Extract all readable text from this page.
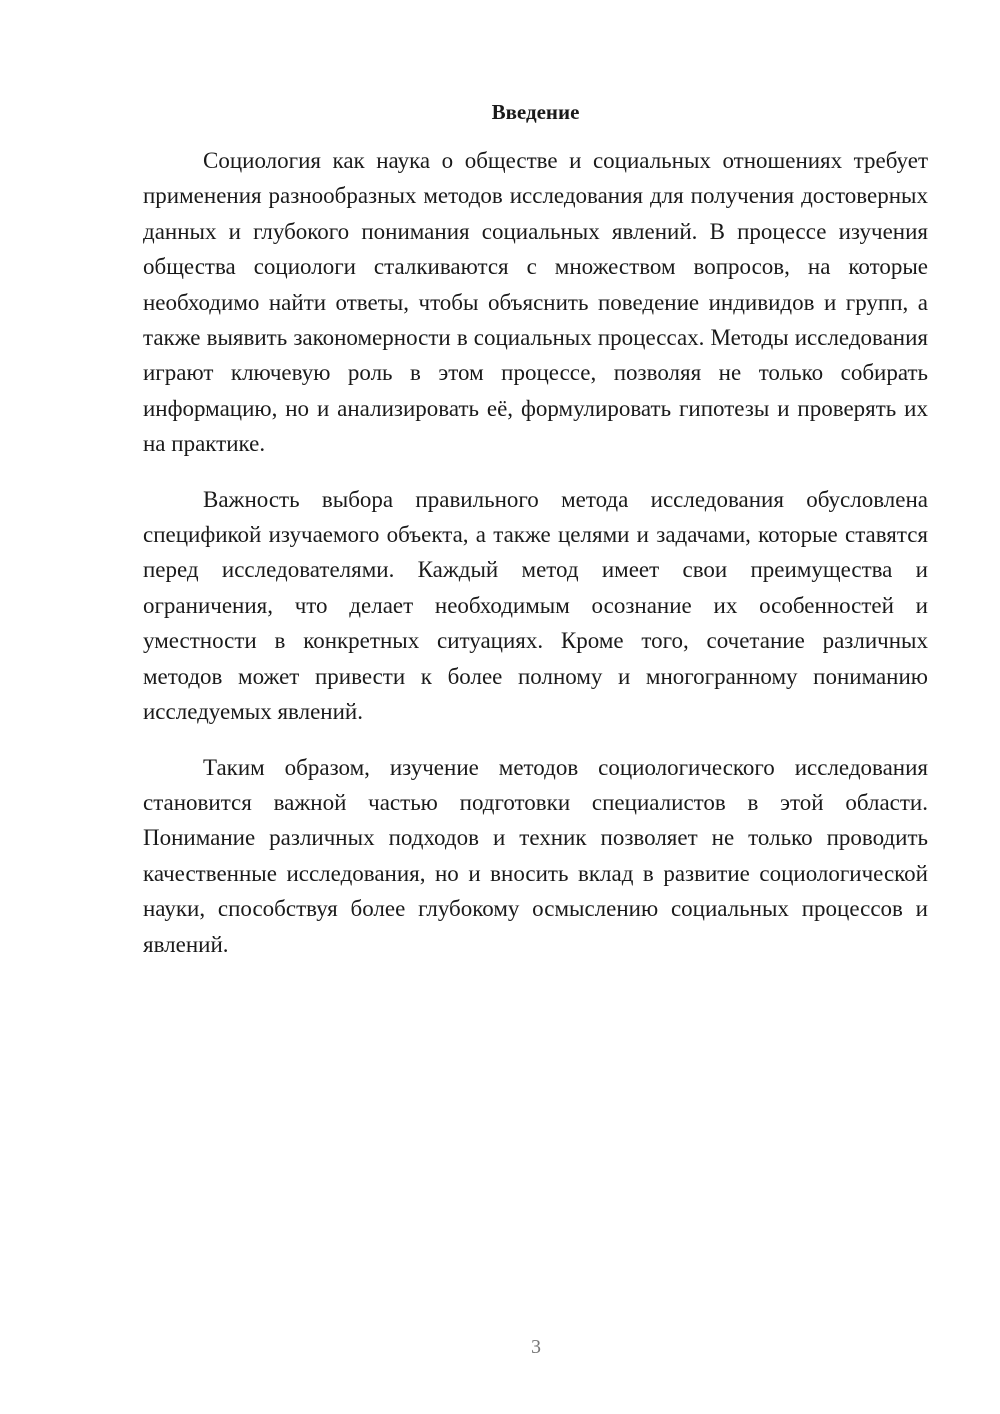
Введение

Социология как наука о обществе и социальных отношениях требует применения разнообразных методов исследования для получения достоверных данных и глубокого понимания социальных явлений. В процессе изучения общества социологи сталкиваются с множеством вопросов, на которые необходимо найти ответы, чтобы объяснить поведение индивидов и групп, а также выявить закономерности в социальных процессах. Методы исследования играют ключевую роль в этом процессе, позволяя не только собирать информацию, но и анализировать её, формулировать гипотезы и проверять их на практике.

Важность выбора правильного метода исследования обусловлена спецификой изучаемого объекта, а также целями и задачами, которые ставятся перед исследователями. Каждый метод имеет свои преимущества и ограничения, что делает необходимым осознание их особенностей и уместности в конкретных ситуациях. Кроме того, сочетание различных методов может привести к более полному и многогранному пониманию исследуемых явлений.

Таким образом, изучение методов социологического исследования становится важной частью подготовки специалистов в этой области. Понимание различных подходов и техник позволяет не только проводить качественные исследования, но и вносить вклад в развитие социологической науки, способствуя более глубокому осмыслению социальных процессов и явлений.

3
